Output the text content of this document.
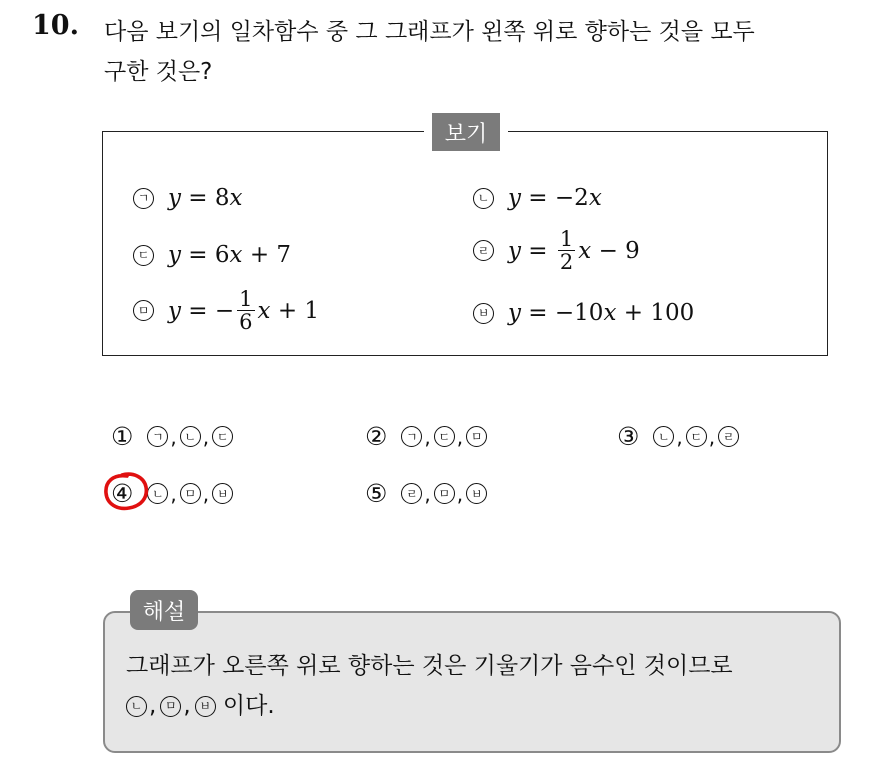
10. 다음 보기의 일차함수 중 그 그래프가 왼쪽 위로 향하는 것을 모두
구한 것은?
보기
ㄱ y = 8 x	ㄴ y = −2 x
ㄷ y = 6 x + 7	ㄹ $y = \frac{1}{2}$ x − 9
ㅁ y = − $\frac{1}{6}$ x + 1	ㅂ y = −10 x + 100
①	ㄱ , ㄴ , ㄷ	②	ㄱ , ㄷ , ㅁ	③	ㄴ , ㄷ , ㄹ
④	ㄴ , ㅁ , ㅂ	⑤	ㄹ , ㅁ , ㅂ
해설
그래프가 오른쪽 위로 향하는 것은 기울기가 음수인 것이므로
ㄴ , ㅁ , ㅂ 이다.
